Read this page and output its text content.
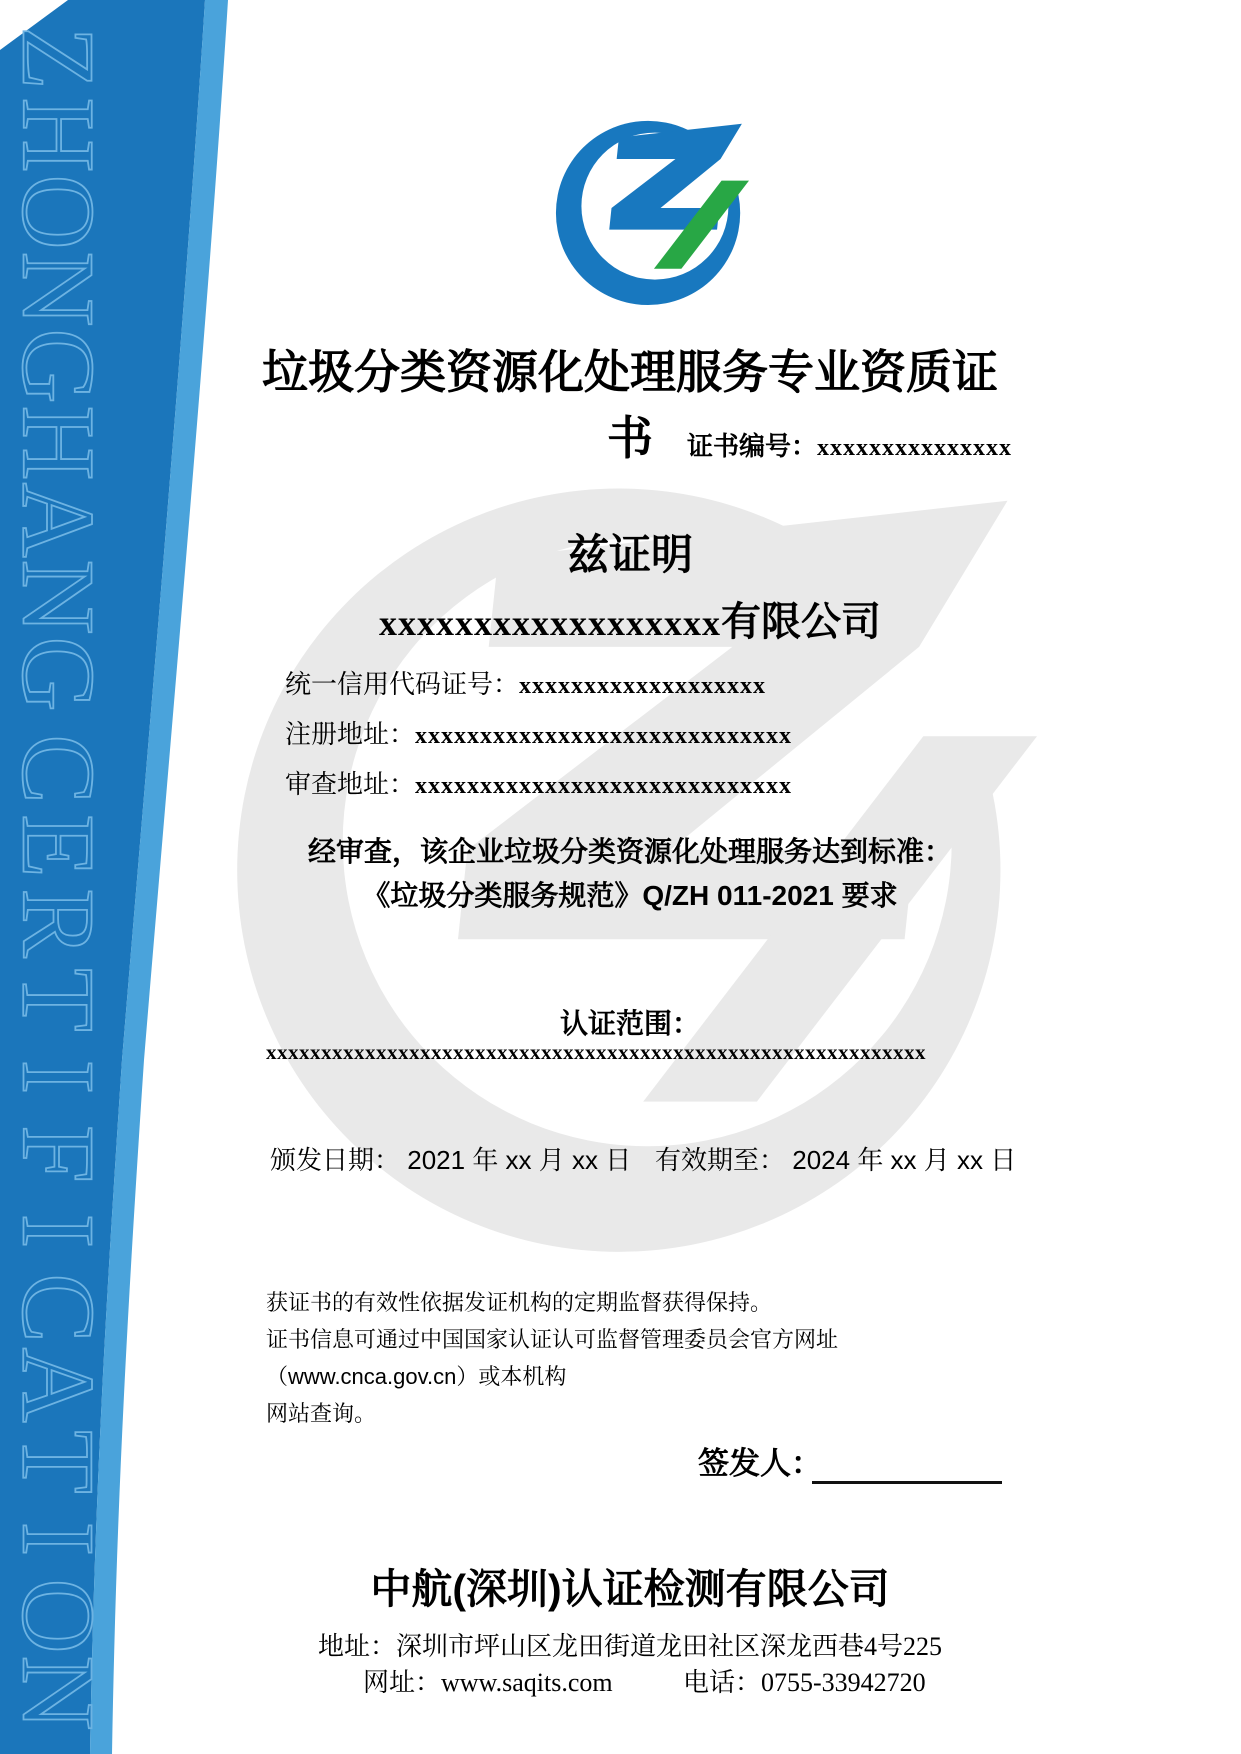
Z
H
O
N
G
H
A
N
G
C
E
R
T
I
F
I
C
A
T
I
O
N
垃圾分类资源化处理服务专业资质证书	证书编号：xxxxxxxxxxxxxxx
兹证明
xxxxxxxxxxxxxxxxxx有限公司
统一信用代码证号：xxxxxxxxxxxxxxxxxxx
注册地址：xxxxxxxxxxxxxxxxxxxxxxxxxxxxx
审查地址：xxxxxxxxxxxxxxxxxxxxxxxxxxxxx
经审查，该企业垃圾分类资源化处理服务达到标准：
《垃圾分类服务规范》Q/ZH 011-2021 要求
认证范围：
xxxxxxxxxxxxxxxxxxxxxxxxxxxxxxxxxxxxxxxxxxxxxxxxxxxxxxxxxxxx
颁发日期： 2021 年 xx 月 xx 日 有效期至： 2024 年 xx 月 xx 日
获证书的有效性依据发证机构的定期监督获得保持。
证书信息可通过中国国家认证认可监督管理委员会官方网址（www.cnca.gov.cn）或本机构
网站查询。
签发人：
中航(深圳)认证检测有限公司
地址：深圳市坪山区龙田街道龙田社区深龙西巷4号225
网址：www.saqits.com	电话：0755-33942720
